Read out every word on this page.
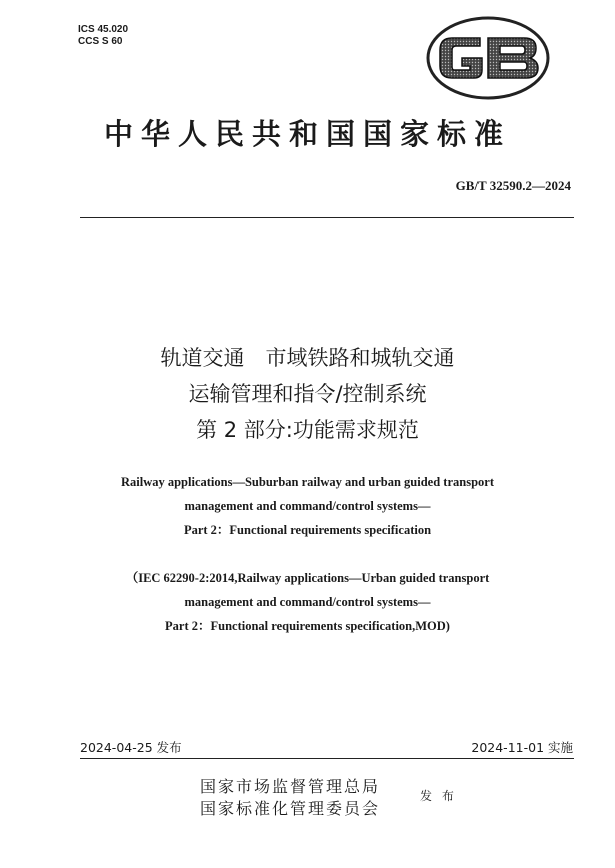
ICS 45.020
CCS S 60
中华人民共和国国家标准
GB/T 32590.2—2024
轨道交通　市域铁路和城轨交通
运输管理和指令/控制系统
第 2 部分:功能需求规范
Railway applications—Suburban railway and urban guided transport
management and command/control systems—
Part 2：Functional requirements specification
（IEC 62290-2:2014,Railway applications—Urban guided transport
management and command/control systems—
Part 2：Functional requirements specification,MOD)
2024-04-25 发布	2024-11-01 实施
国家市场监督管理总局
国家标准化管理委员会
发 布
